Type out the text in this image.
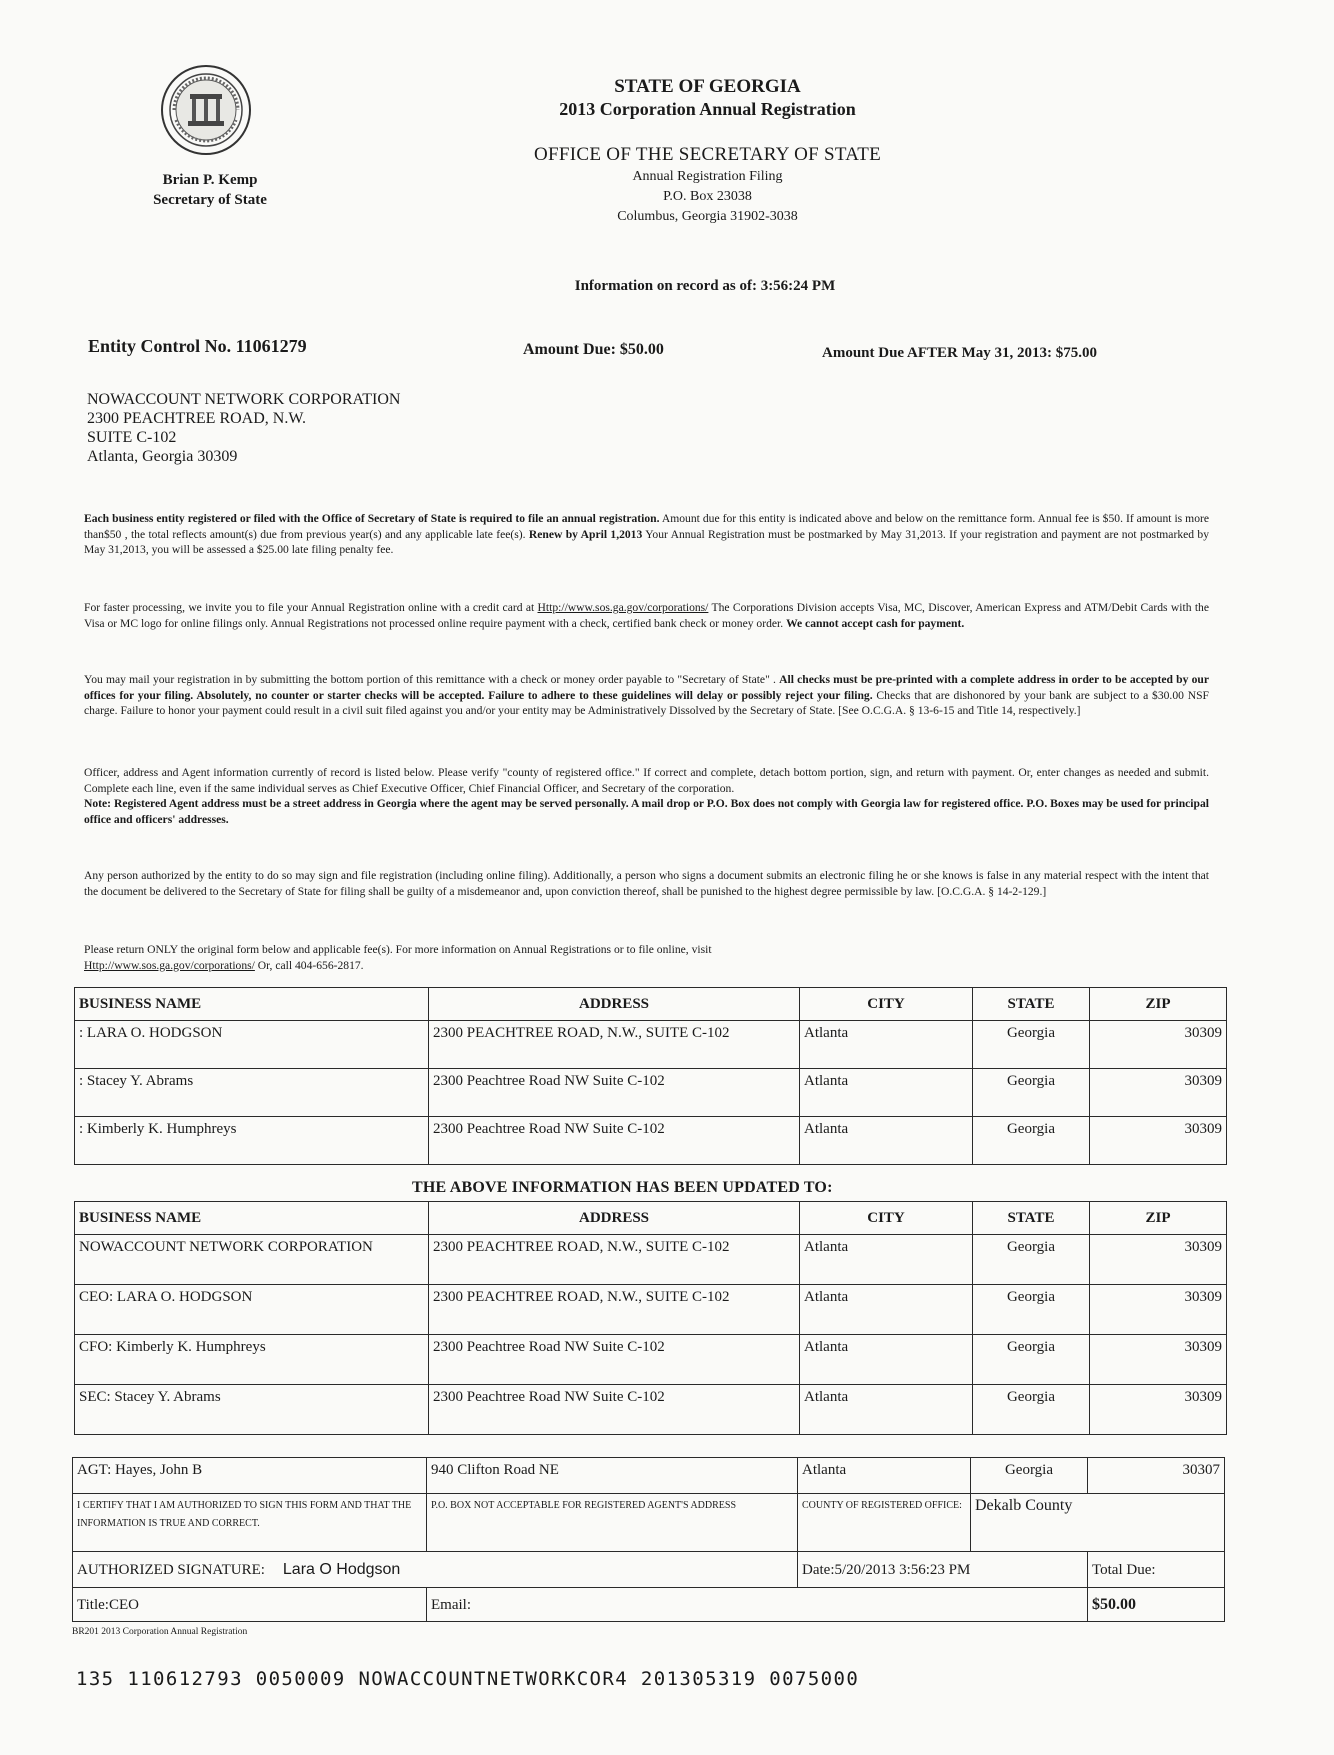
Brian P. Kemp
Secretary of State
STATE OF GEORGIA
2013 Corporation Annual Registration
OFFICE OF THE SECRETARY OF STATE
Annual Registration Filing
P.O. Box 23038
Columbus, Georgia 31902-3038
Information on record as of: 3:56:24 PM
Entity Control No. 11061279	Amount Due: $50.00	Amount Due AFTER May 31, 2013: $75.00
NOWACCOUNT NETWORK CORPORATION
2300 PEACHTREE ROAD, N.W.
SUITE C-102
Atlanta, Georgia 30309
Each business entity registered or filed with the Office of Secretary of State is required to file an annual registration. Amount due for this entity is indicated above and below on the remittance form. Annual fee is $50. If amount is more than$50 , the total reflects amount(s) due from previous year(s) and any applicable late fee(s). Renew by April 1,2013 Your Annual Registration must be postmarked by May 31,2013. If your registration and payment are not postmarked by May 31,2013, you will be assessed a $25.00 late filing penalty fee.
For faster processing, we invite you to file your Annual Registration online with a credit card at Http://www.sos.ga.gov/corporations/ The Corporations Division accepts Visa, MC, Discover, American Express and ATM/Debit Cards with the Visa or MC logo for online filings only. Annual Registrations not processed online require payment with a check, certified bank check or money order. We cannot accept cash for payment.
You may mail your registration in by submitting the bottom portion of this remittance with a check or money order payable to "Secretary of State" . All checks must be pre-printed with a complete address in order to be accepted by our offices for your filing. Absolutely, no counter or starter checks will be accepted. Failure to adhere to these guidelines will delay or possibly reject your filing. Checks that are dishonored by your bank are subject to a $30.00 NSF charge. Failure to honor your payment could result in a civil suit filed against you and/or your entity may be Administratively Dissolved by the Secretary of State. [See O.C.G.A. § 13-6-15 and Title 14, respectively.]
Officer, address and Agent information currently of record is listed below. Please verify "county of registered office." If correct and complete, detach bottom portion, sign, and return with payment. Or, enter changes as needed and submit. Complete each line, even if the same individual serves as Chief Executive Officer, Chief Financial Officer, and Secretary of the corporation.
Note: Registered Agent address must be a street address in Georgia where the agent may be served personally. A mail drop or P.O. Box does not comply with Georgia law for registered office. P.O. Boxes may be used for principal office and officers' addresses.
Any person authorized by the entity to do so may sign and file registration (including online filing). Additionally, a person who signs a document submits an electronic filing he or she knows is false in any material respect with the intent that the document be delivered to the Secretary of State for filing shall be guilty of a misdemeanor and, upon conviction thereof, shall be punished to the highest degree permissible by law. [O.C.G.A. § 14-2-129.]
Please return ONLY the original form below and applicable fee(s). For more information on Annual Registrations or to file online, visit
Http://www.sos.ga.gov/corporations/ Or, call 404-656-2817.
BUSINESS NAME	ADDRESS	CITY	STATE	ZIP
: LARA O. HODGSON	2300 PEACHTREE ROAD, N.W., SUITE C-102	Atlanta	Georgia	30309
: Stacey Y. Abrams	2300 Peachtree Road NW Suite C-102	Atlanta	Georgia	30309
: Kimberly K. Humphreys	2300 Peachtree Road NW Suite C-102	Atlanta	Georgia	30309
THE ABOVE INFORMATION HAS BEEN UPDATED TO:
BUSINESS NAME	ADDRESS	CITY	STATE	ZIP
NOWACCOUNT NETWORK CORPORATION	2300 PEACHTREE ROAD, N.W., SUITE C-102	Atlanta	Georgia	30309
CEO: LARA O. HODGSON	2300 PEACHTREE ROAD, N.W., SUITE C-102	Atlanta	Georgia	30309
CFO: Kimberly K. Humphreys	2300 Peachtree Road NW Suite C-102	Atlanta	Georgia	30309
SEC: Stacey Y. Abrams	2300 Peachtree Road NW Suite C-102	Atlanta	Georgia	30309
AGT: Hayes, John B	940 Clifton Road NE	Atlanta	Georgia	30307
I CERTIFY THAT I AM AUTHORIZED TO SIGN THIS FORM AND THAT THE INFORMATION IS TRUE AND CORRECT.	P.O. BOX NOT ACCEPTABLE FOR REGISTERED AGENT'S ADDRESS	COUNTY OF REGISTERED OFFICE:	Dekalb County	
AUTHORIZED SIGNATURE: Lara O Hodgson		Date:5/20/2013 3:56:23 PM		Total Due:
Title:CEO	Email:			$50.00
BR201 2013 Corporation Annual Registration
135 110612793 0050009 NOWACCOUNTNETWORKCOR4 201305319 0075000
